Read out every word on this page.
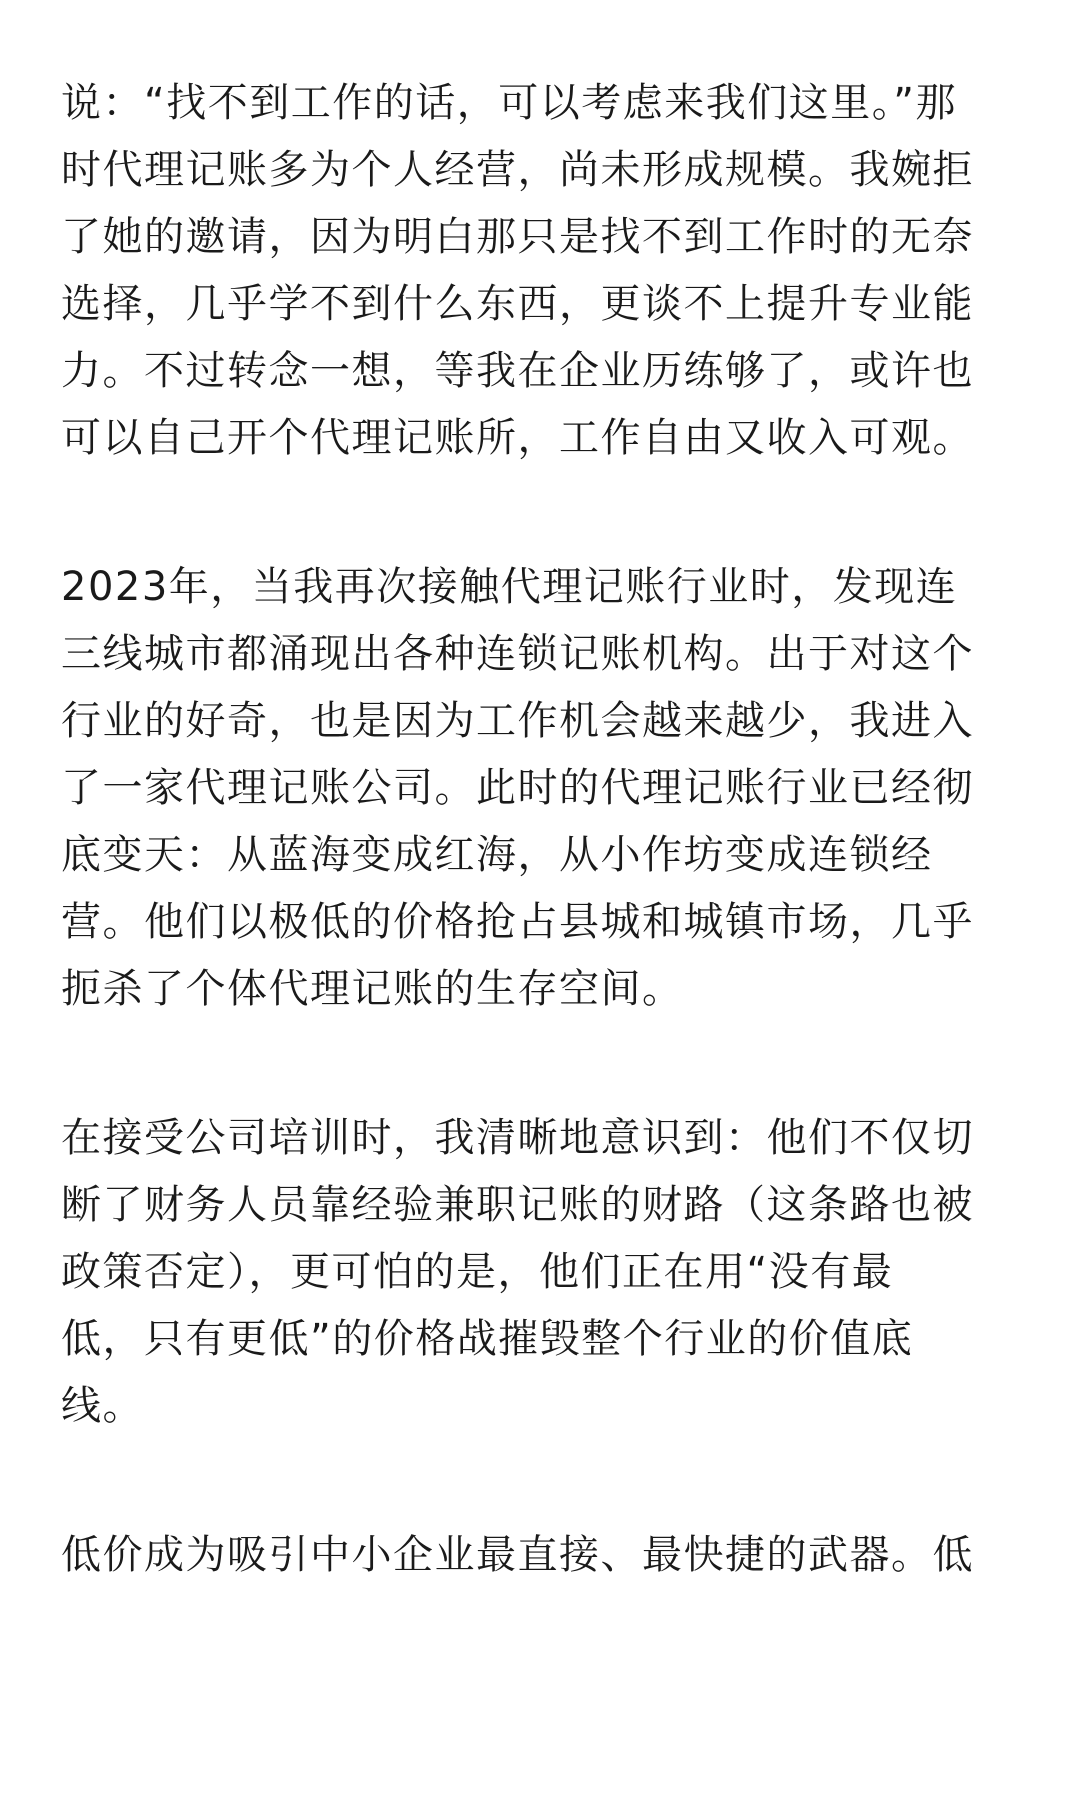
说：“找不到工作的话，可以考虑来我们这里。”那
时代理记账多为个人经营，尚未形成规模。我婉拒
了她的邀请，因为明白那只是找不到工作时的无奈
选择，几乎学不到什么东西，更谈不上提升专业能
力。不过转念一想，等我在企业历练够了，或许也
可以自己开个代理记账所，工作自由又收入可观。

2023年，当我再次接触代理记账行业时，发现连
三线城市都涌现出各种连锁记账机构。出于对这个
行业的好奇，也是因为工作机会越来越少，我进入
了一家代理记账公司。此时的代理记账行业已经彻
底变天：从蓝海变成红海，从小作坊变成连锁经
营。他们以极低的价格抢占县城和城镇市场，几乎
扼杀了个体代理记账的生存空间。

在接受公司培训时，我清晰地意识到：他们不仅切
断了财务人员靠经验兼职记账的财路（这条路也被
政策否定），更可怕的是，他们正在用“没有最
低，只有更低”的价格战摧毁整个行业的价值底
线。

低价成为吸引中小企业最直接、最快捷的武器。低
